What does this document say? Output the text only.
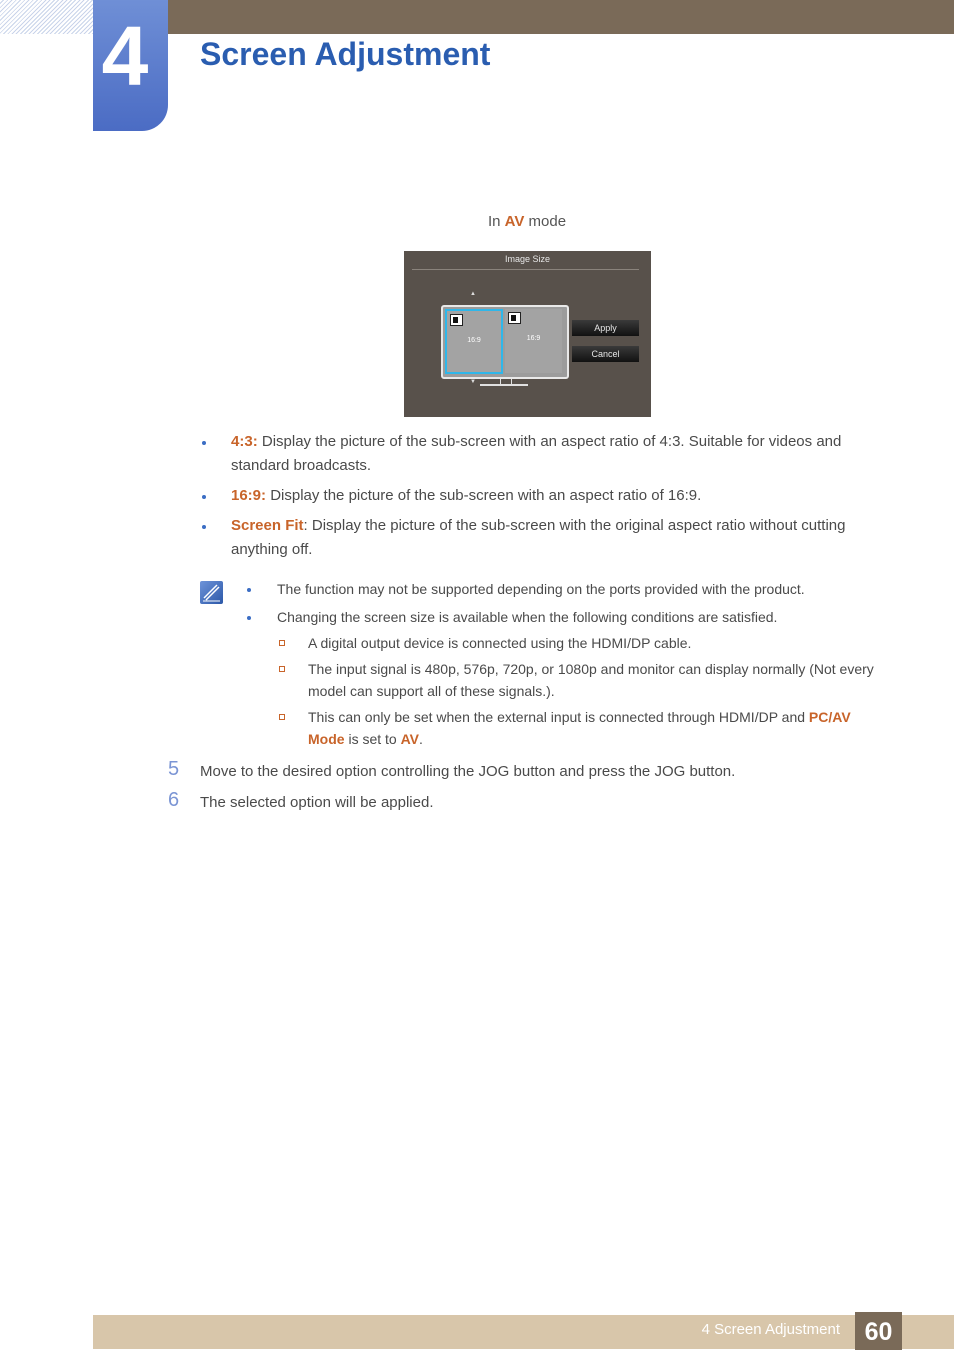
4 Screen Adjustment
In AV mode
Image Size
▲
16:9	16:9
▼
Apply
Cancel
4:3: Display the picture of the sub-screen with an aspect ratio of 4:3. Suitable for videos and standard broadcasts.
16:9: Display the picture of the sub-screen with an aspect ratio of 16:9.
Screen Fit: Display the picture of the sub-screen with the original aspect ratio without cutting anything off.
The function may not be supported depending on the ports provided with the product.
Changing the screen size is available when the following conditions are satisfied.
A digital output device is connected using the HDMI/DP cable.
The input signal is 480p, 576p, 720p, or 1080p and monitor can display normally (Not every model can support all of these signals.).
This can only be set when the external input is connected through HDMI/DP and PC/AV Mode is set to AV.
5	Move to the desired option controlling the JOG button and press the JOG button.
6	The selected option will be applied.
4 Screen Adjustment 60
